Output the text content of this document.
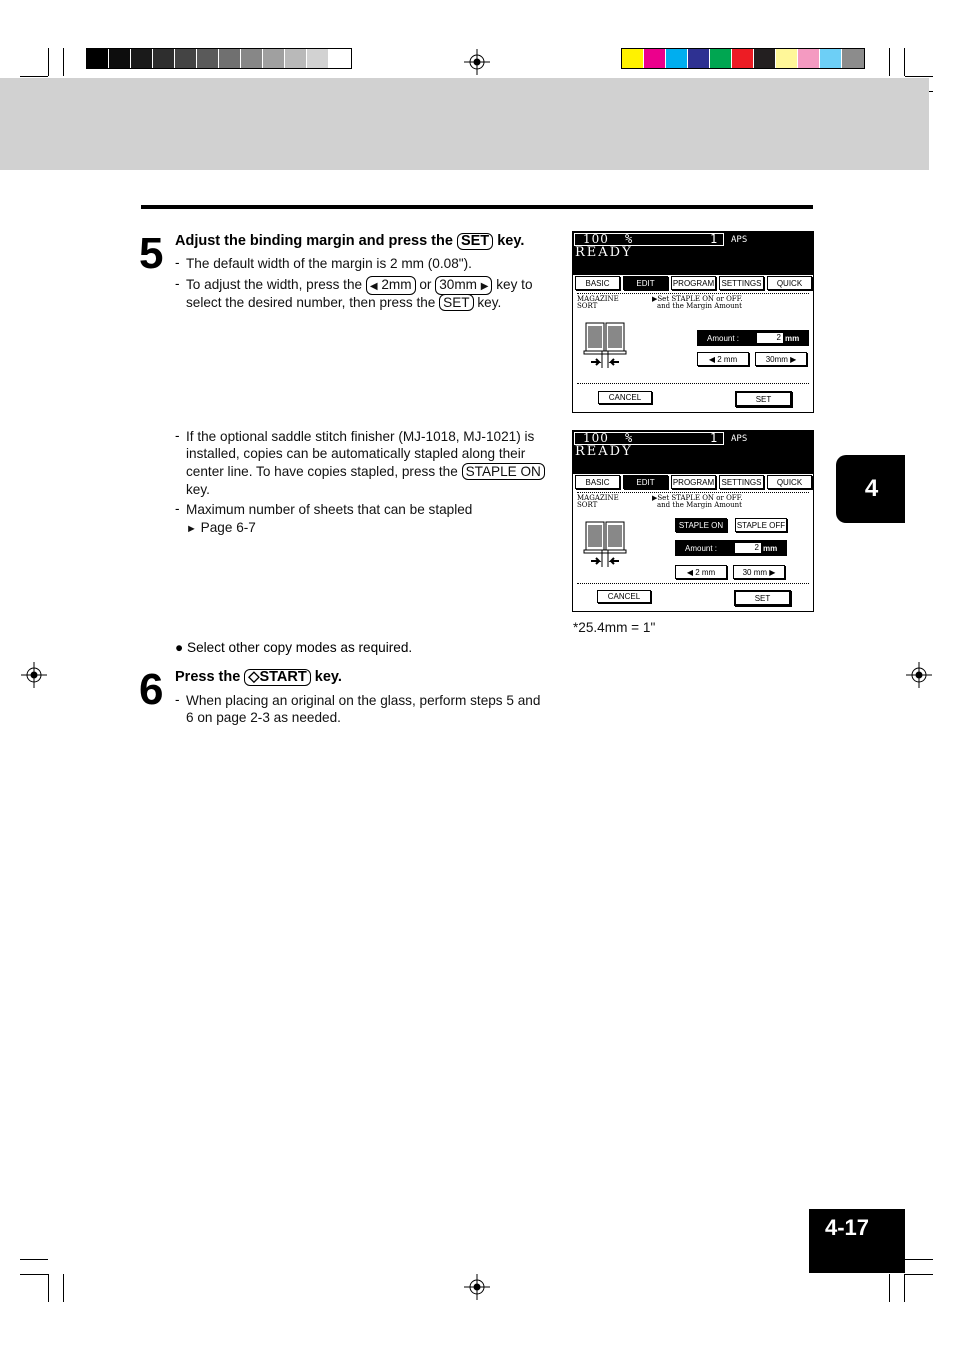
4
4-17
5 Adjust the binding margin and press the SET key.
- The default width of the margin is 2 mm (0.08").
- To adjust the width, press the ◀ 2mm or 30mm ▶ key to
select the desired number, then press the SET key.
- If the optional saddle stitch finisher (MJ-1018, MJ-1021) is
installed, copies can be automatically stapled along their
center line. To have copies stapled, press the STAPLE ON
key.
- Maximum number of sheets that can be stapled
► Page 6-7
*25.4mm = 1"
● Select other copy modes as required.
6 Press the ◇START key.
- When placing an original on the glass, perform steps 5 and
6 on page 2-3 as needed.
100 %	1 APS
READY
BASIC	EDIT	PROGRAM SETTINGS	QUICK
MAGAZINE
SORT
▶Set STAPLE ON or OFF.
and the Margin Amount
Amount :	2 mm
◀ 2 mm	30mm ▶
CANCEL	SET
100 %	1 APS
READY
BASIC	EDIT	PROGRAM SETTINGS	QUICK
MAGAZINE
SORT
▶Set STAPLE ON or OFF.
and the Margin Amount
STAPLE ON	STAPLE OFF
Amount :	2 mm
◀ 2 mm	30 mm ▶
CANCEL	SET
